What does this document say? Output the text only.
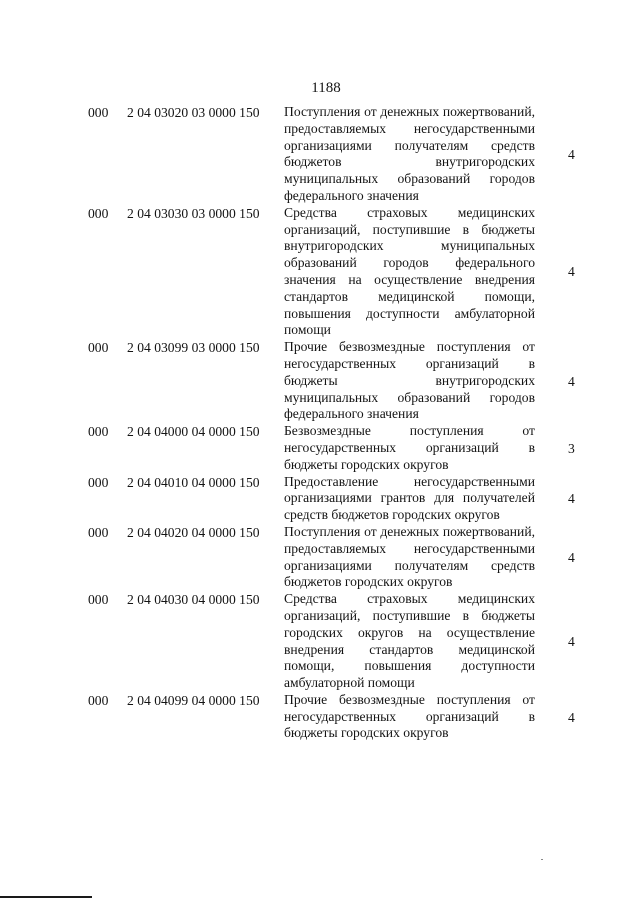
1188
000 2 04 03020 03 0000 150 Поступления от денежных пожертвований, предоставляемых негосударственными организациями получателям средств бюджетов внутригородских муниципальных образований городов федерального значения
4
000 2 04 03030 03 0000 150 Средства страховых медицинских организаций, поступившие в бюджеты внутригородских муниципальных образований городов федерального значения на осуществление внедрения стандартов медицинской помощи, повышения доступности амбулаторной помощи
4
000 2 04 03099 03 0000 150 Прочие безвозмездные поступления от негосударственных организаций в бюджеты внутригородских муниципальных образований городов федерального значения
4
000 2 04 04000 04 0000 150 Безвозмездные поступления от негосударственных организаций в бюджеты городских округов
3
000 2 04 04010 04 0000 150 Предоставление негосударственными организациями грантов для получателей средств бюджетов городских округов
4
000 2 04 04020 04 0000 150 Поступления от денежных пожертвований, предоставляемых негосударственными организациями получателям средств бюджетов городских округов
4
000 2 04 04030 04 0000 150 Средства страховых медицинских организаций, поступившие в бюджеты городских округов на осуществление внедрения стандартов медицинской помощи, повышения доступности амбулаторной помощи
4
000 2 04 04099 04 0000 150 Прочие безвозмездные поступления от негосударственных организаций в бюджеты городских округов
4
